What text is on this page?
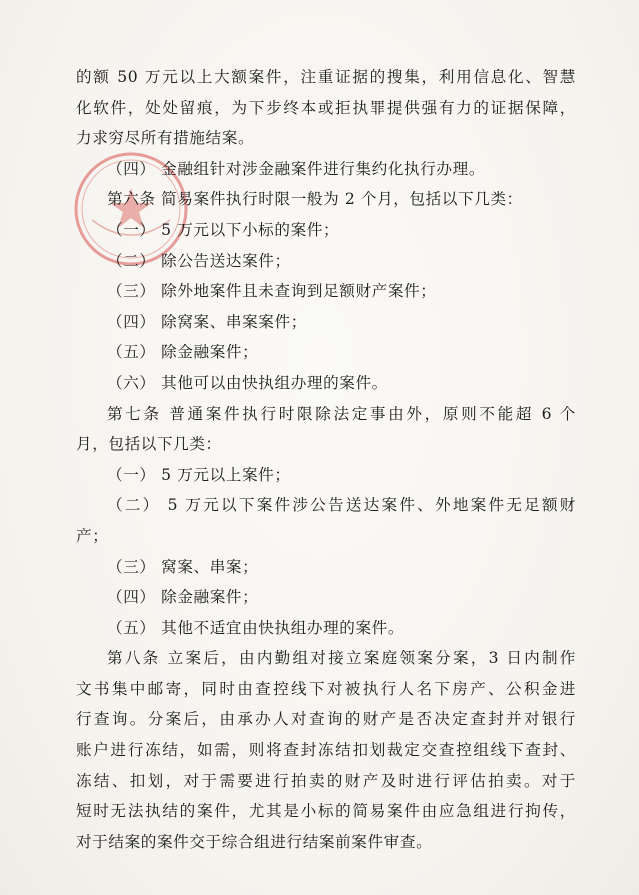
的额 50 万元以上大额案件，注重证据的搜集，利用信息化、智慧
化软件，处处留痕，为下步终本或拒执罪提供强有力的证据保障，
力求穷尽所有措施结案。
（四） 金融组针对涉金融案件进行集约化执行办理。
第六条 简易案件执行时限一般为 2 个月，包括以下几类：
（一） 5 万元以下小标的案件；
（二） 除公告送达案件；
（三） 除外地案件且未查询到足额财产案件；
（四） 除窝案、串案案件；
（五） 除金融案件；
（六） 其他可以由快执组办理的案件。
第七条 普通案件执行时限除法定事由外，原则不能超 6 个
月，包括以下几类：
（一） 5 万元以上案件；
（二） 5 万元以下案件涉公告送达案件、外地案件无足额财
产；
（三） 窝案、串案；
（四） 除金融案件；
（五） 其他不适宜由快执组办理的案件。
第八条 立案后，由内勤组对接立案庭领案分案，3 日内制作
文书集中邮寄，同时由查控线下对被执行人名下房产、公积金进
行查询。分案后，由承办人对查询的财产是否决定查封并对银行
账户进行冻结，如需，则将查封冻结扣划裁定交查控组线下查封、
冻结、扣划，对于需要进行拍卖的财产及时进行评估拍卖。对于
短时无法执结的案件，尤其是小标的简易案件由应急组进行拘传，
对于结案的案件交于综合组进行结案前案件审查。
